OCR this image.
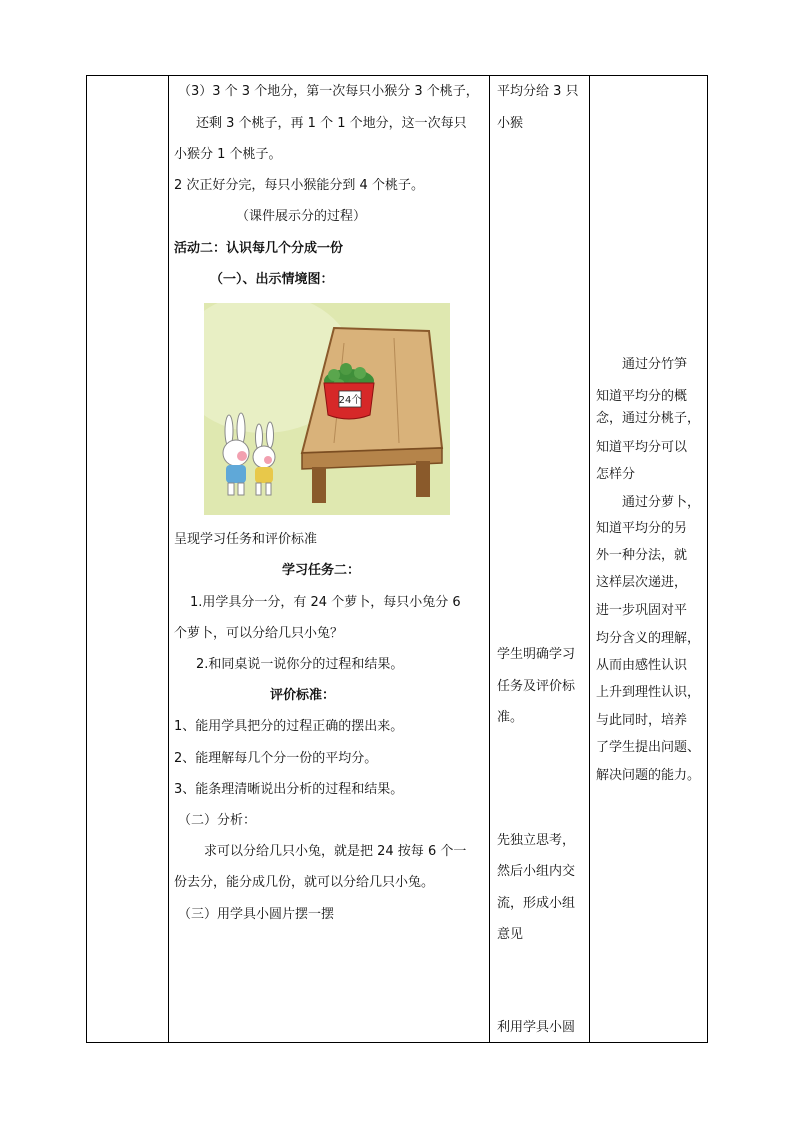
（3）3 个 3 个地分，第一次每只小猴分 3 个桃子，
还剩 3 个桃子，再 1 个 1 个地分，这一次每只
小猴分 1 个桃子。
2 次正好分完，每只小猴能分到 4 个桃子。
（课件展示分的过程）
活动二：认识每几个分成一份
（一）、出示情境图：
24个
呈现学习任务和评价标准
学习任务二：
1.用学具分一分，有 24 个萝卜，每只小兔分 6
个萝卜，可以分给几只小兔？
2.和同桌说一说你分的过程和结果。
评价标准：
1、能用学具把分的过程正确的摆出来。
2、能理解每几个分一份的平均分。
3、能条理清晰说出分析的过程和结果。
（二）分析：
求可以分给几只小兔，就是把 24 按每 6 个一
份去分，能分成几份，就可以分给几只小兔。
（三）用学具小圆片摆一摆
平均分给 3 只
小猴
学生明确学习
任务及评价标
准。
先独立思考，
然后小组内交
流，形成小组
意见
利用学具小圆
通过分竹笋
知道平均分的概
念，通过分桃子，
知道平均分可以
怎样分
通过分萝卜，
知道平均分的另
外一种分法，就
这样层次递进，
进一步巩固对平
均分含义的理解，
从而由感性认识
上升到理性认识，
与此同时，培养
了学生提出问题、
解决问题的能力。
